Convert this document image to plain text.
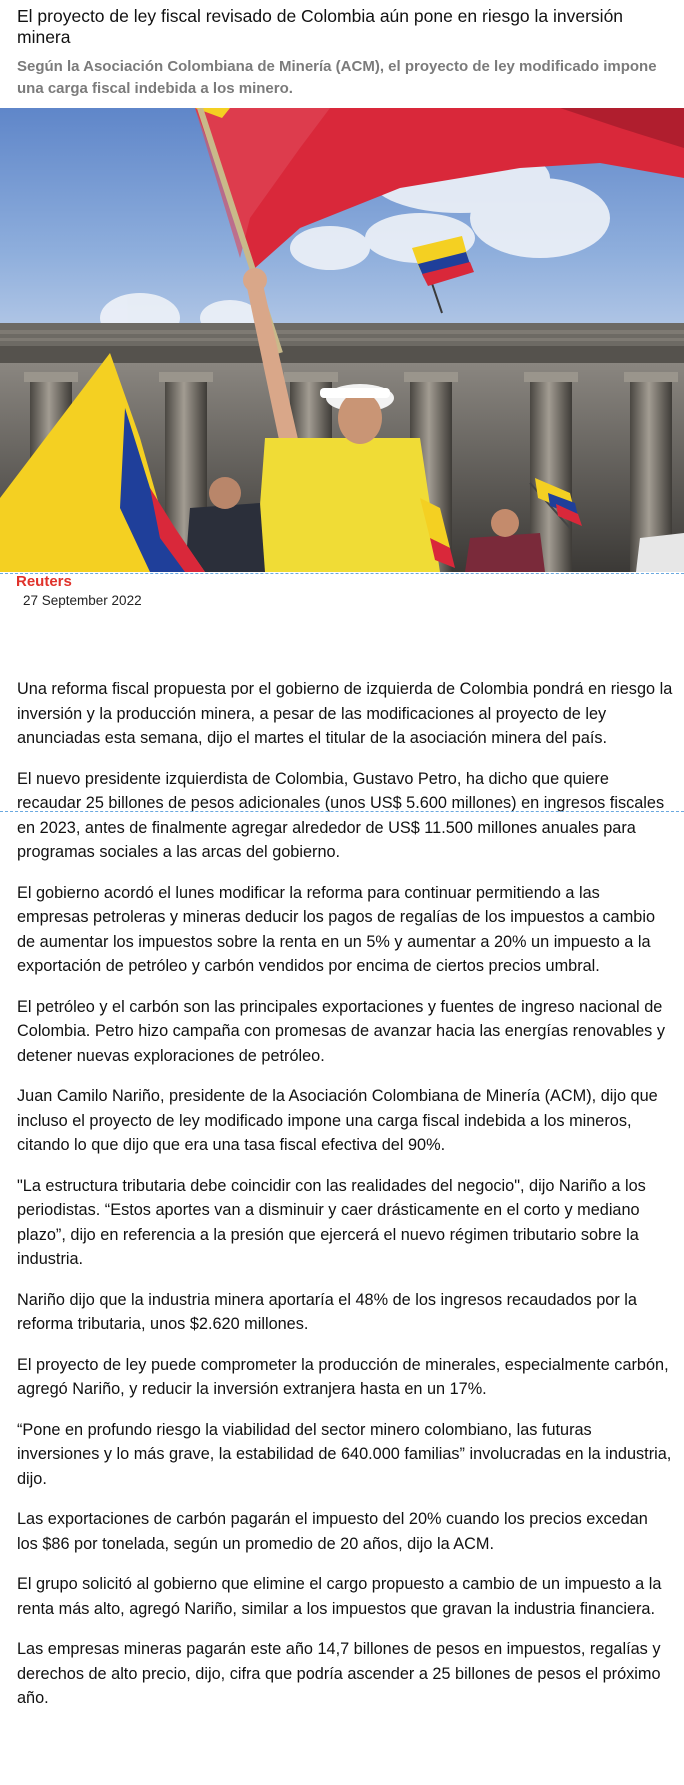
El proyecto de ley fiscal revisado de Colombia aún pone en riesgo la inversión minera

Según la Asociación Colombiana de Minería (ACM), el proyecto de ley modificado impone una carga fiscal indebida a los minero.

Reuters
27 September 2022

Una reforma fiscal propuesta por el gobierno de izquierda de Colombia pondrá en riesgo la inversión y la producción minera, a pesar de las modificaciones al proyecto de ley anunciadas esta semana, dijo el martes el titular de la asociación minera del país.

El nuevo presidente izquierdista de Colombia, Gustavo Petro, ha dicho que quiere recaudar 25 billones de pesos adicionales (unos US$ 5.600 millones) en ingresos fiscales en 2023, antes de finalmente agregar alrededor de US$ 11.500 millones anuales para programas sociales a las arcas del gobierno.

El gobierno acordó el lunes modificar la reforma para continuar permitiendo a las empresas petroleras y mineras deducir los pagos de regalías de los impuestos a cambio de aumentar los impuestos sobre la renta en un 5% y aumentar a 20% un impuesto a la exportación de petróleo y carbón vendidos por encima de ciertos precios umbral.

El petróleo y el carbón son las principales exportaciones y fuentes de ingreso nacional de Colombia. Petro hizo campaña con promesas de avanzar hacia las energías renovables y detener nuevas exploraciones de petróleo.

Juan Camilo Nariño, presidente de la Asociación Colombiana de Minería (ACM), dijo que incluso el proyecto de ley modificado impone una carga fiscal indebida a los mineros, citando lo que dijo que era una tasa fiscal efectiva del 90%.

"La estructura tributaria debe coincidir con las realidades del negocio", dijo Nariño a los periodistas. “Estos aportes van a disminuir y caer drásticamente en el corto y mediano plazo”, dijo en referencia a la presión que ejercerá el nuevo régimen tributario sobre la industria.

Nariño dijo que la industria minera aportaría el 48% de los ingresos recaudados por la reforma tributaria, unos $2.620 millones.

El proyecto de ley puede comprometer la producción de minerales, especialmente carbón, agregó Nariño, y reducir la inversión extranjera hasta en un 17%.

“Pone en profundo riesgo la viabilidad del sector minero colombiano, las futuras inversiones y lo más grave, la estabilidad de 640.000 familias” involucradas en la industria, dijo.

Las exportaciones de carbón pagarán el impuesto del 20% cuando los precios excedan los $86 por tonelada, según un promedio de 20 años, dijo la ACM.

El grupo solicitó al gobierno que elimine el cargo propuesto a cambio de un impuesto a la renta más alto, agregó Nariño, similar a los impuestos que gravan la industria financiera.

Las empresas mineras pagarán este año 14,7 billones de pesos en impuestos, regalías y derechos de alto precio, dijo, cifra que podría ascender a 25 billones de pesos el próximo año.
